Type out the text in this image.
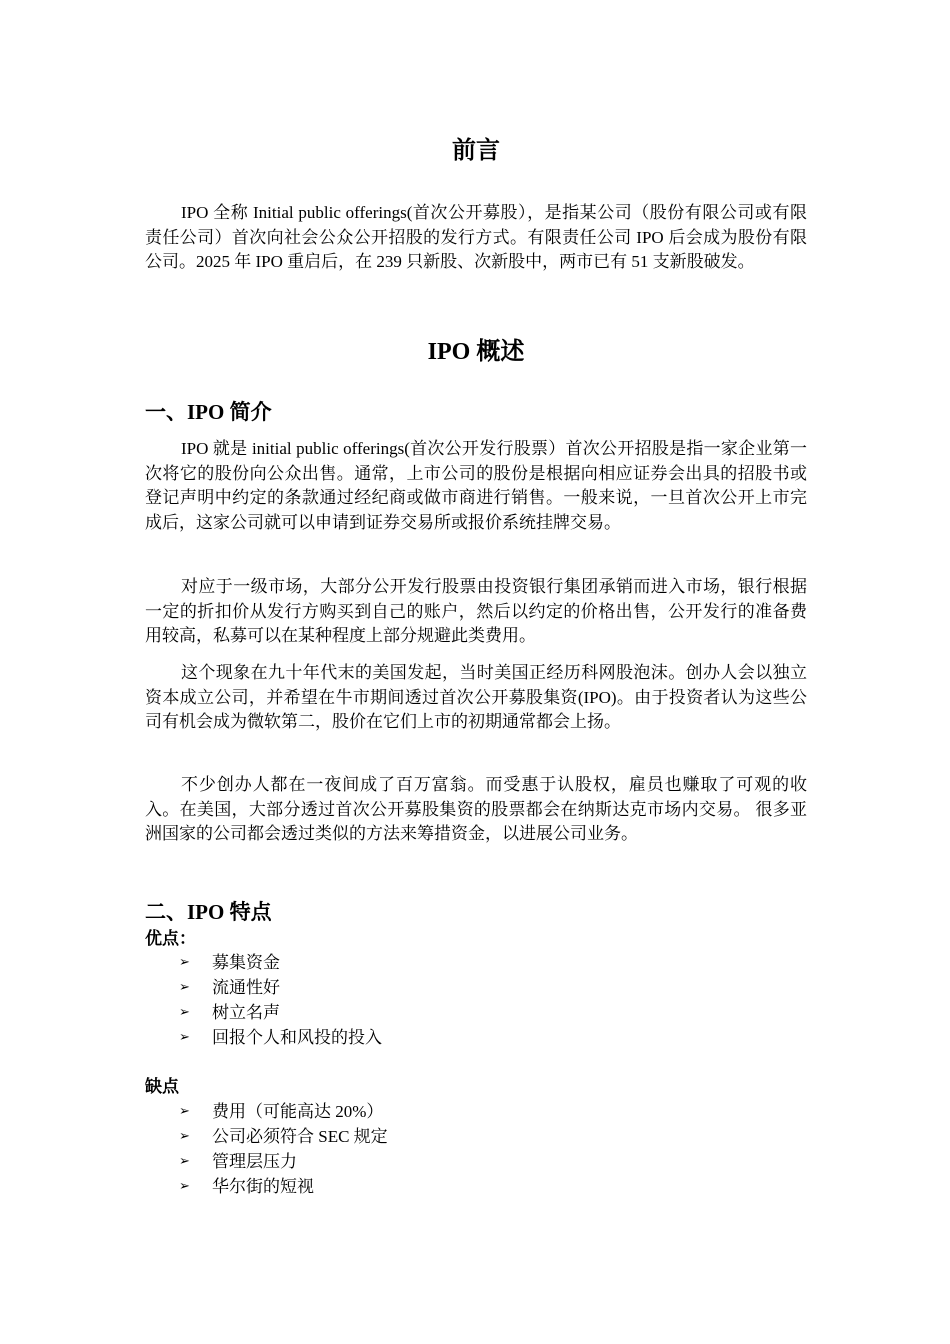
前言

IPO 全称 Initial public offerings(首次公开募股），是指某公司（股份有限公司或有限责任公司）首次向社会公众公开招股的发行方式。有限责任公司 IPO 后会成为股份有限公司。2025 年 IPO 重启后，在 239 只新股、次新股中，两市已有 51 支新股破发。

IPO 概述
一、IPO 简介

IPO 就是 initial public offerings(首次公开发行股票）首次公开招股是指一家企业第一次将它的股份向公众出售。通常，上市公司的股份是根据向相应证券会出具的招股书或登记声明中约定的条款通过经纪商或做市商进行销售。一般来说，一旦首次公开上市完成后，这家公司就可以申请到证券交易所或报价系统挂牌交易。

对应于一级市场，大部分公开发行股票由投资银行集团承销而进入市场，银行根据一定的折扣价从发行方购买到自己的账户，然后以约定的价格出售，公开发行的准备费用较高，私募可以在某种程度上部分规避此类费用。

这个现象在九十年代末的美国发起，当时美国正经历科网股泡沫。创办人会以独立资本成立公司，并希望在牛市期间透过首次公开募股集资(IPO)。由于投资者认为这些公司有机会成为微软第二，股价在它们上市的初期通常都会上扬。

不少创办人都在一夜间成了百万富翁。而受惠于认股权，雇员也赚取了可观的收入。在美国，大部分透过首次公开募股集资的股票都会在纳斯达克市场内交易。 很多亚洲国家的公司都会透过类似的方法来筹措资金，以进展公司业务。

二、IPO 特点
优点：
➢ 募集资金
➢ 流通性好
➢ 树立名声
➢ 回报个人和风投的投入
缺点
➢ 费用（可能高达 20%）
➢ 公司必须符合 SEC 规定
➢ 管理层压力
➢ 华尔街的短视
